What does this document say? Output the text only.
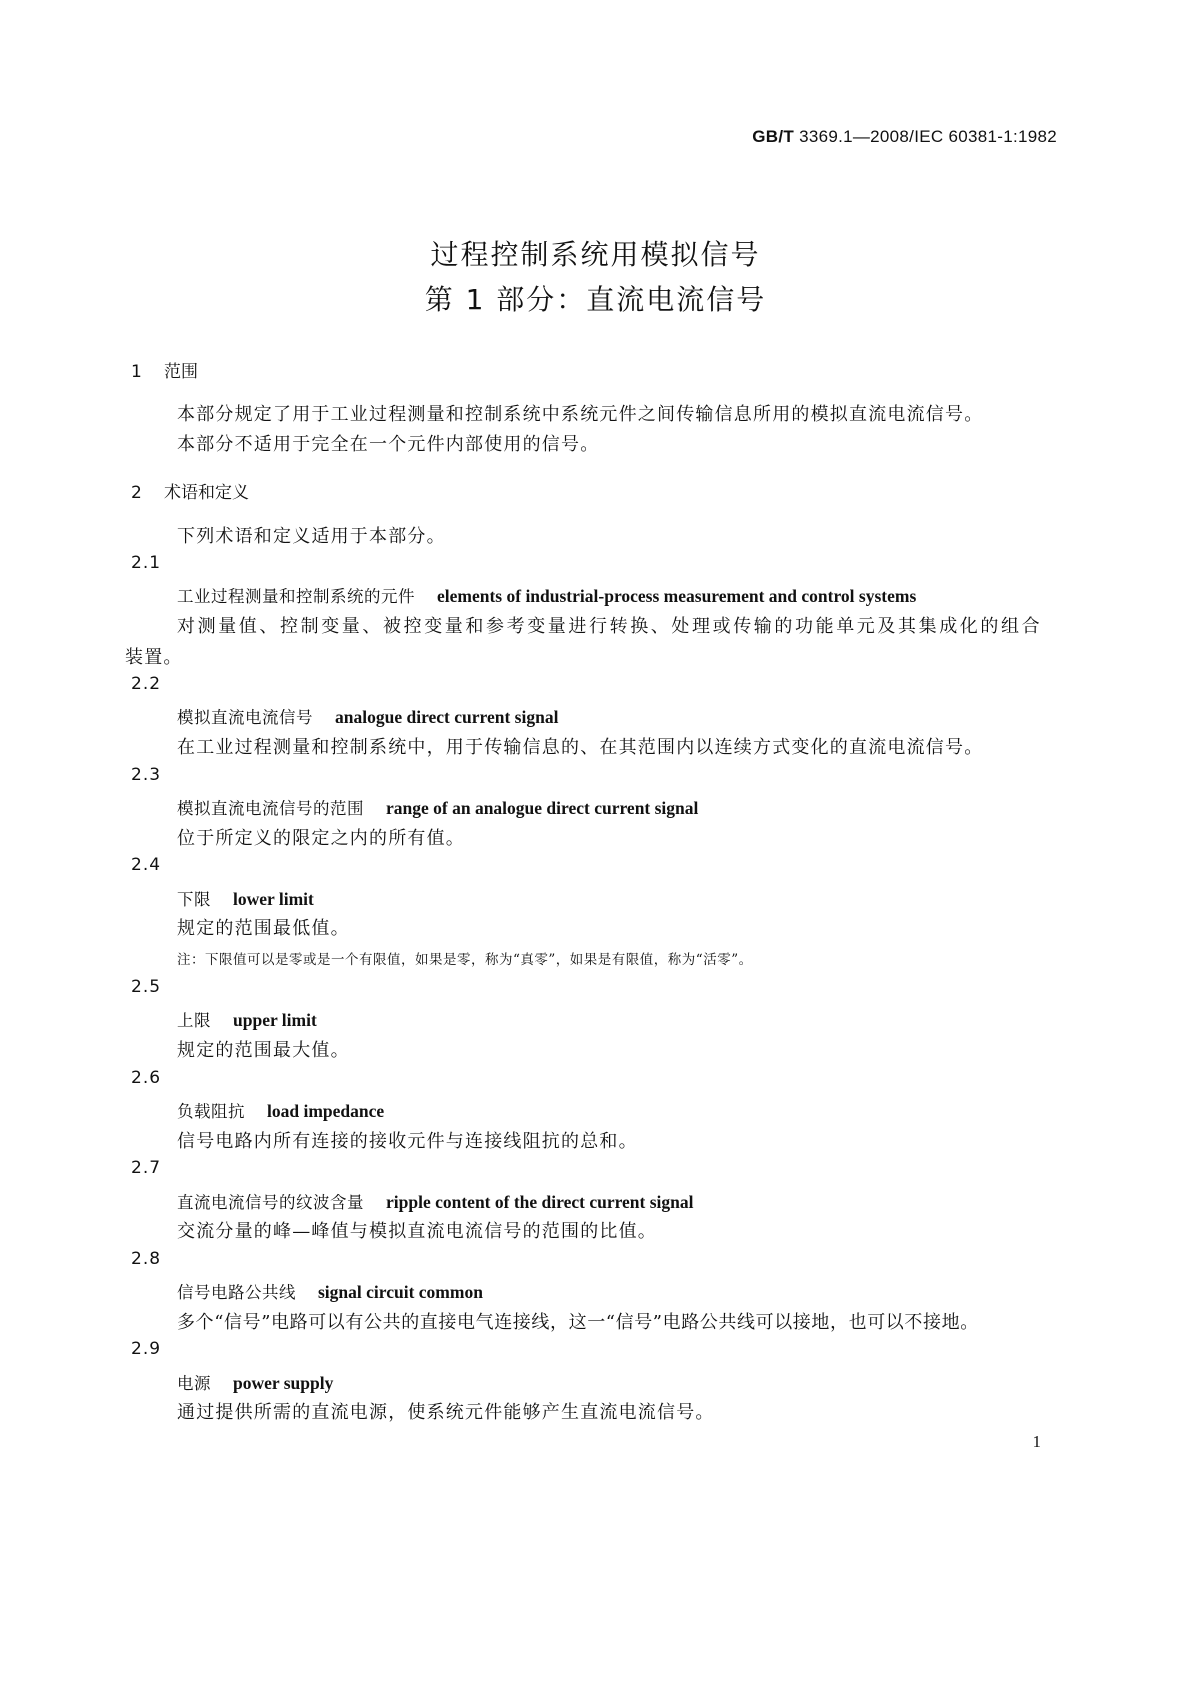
GB/T 3369.1—2008/IEC 60381-1:1982
过程控制系统用模拟信号
第 1 部分：直流电流信号
1 范围
本部分规定了用于工业过程测量和控制系统中系统元件之间传输信息所用的模拟直流电流信号。
本部分不适用于完全在一个元件内部使用的信号。
2 术语和定义
下列术语和定义适用于本部分。
2.1
工业过程测量和控制系统的元件 elements of industrial-process measurement and control systems
对测量值、控制变量、被控变量和参考变量进行转换、处理或传输的功能单元及其集成化的组合
装置。
2.2
模拟直流电流信号 analogue direct current signal
在工业过程测量和控制系统中，用于传输信息的、在其范围内以连续方式变化的直流电流信号。
2.3
模拟直流电流信号的范围 range of an analogue direct current signal
位于所定义的限定之内的所有值。
2.4
下限 lower limit
规定的范围最低值。
注：下限值可以是零或是一个有限值，如果是零，称为“真零”，如果是有限值，称为“活零”。
2.5
上限 upper limit
规定的范围最大值。
2.6
负载阻抗 load impedance
信号电路内所有连接的接收元件与连接线阻抗的总和。
2.7
直流电流信号的纹波含量 ripple content of the direct current signal
交流分量的峰—峰值与模拟直流电流信号的范围的比值。
2.8
信号电路公共线 signal circuit common
多个“信号”电路可以有公共的直接电气连接线，这一“信号”电路公共线可以接地，也可以不接地。
2.9
电源 power supply
通过提供所需的直流电源，使系统元件能够产生直流电流信号。
1
